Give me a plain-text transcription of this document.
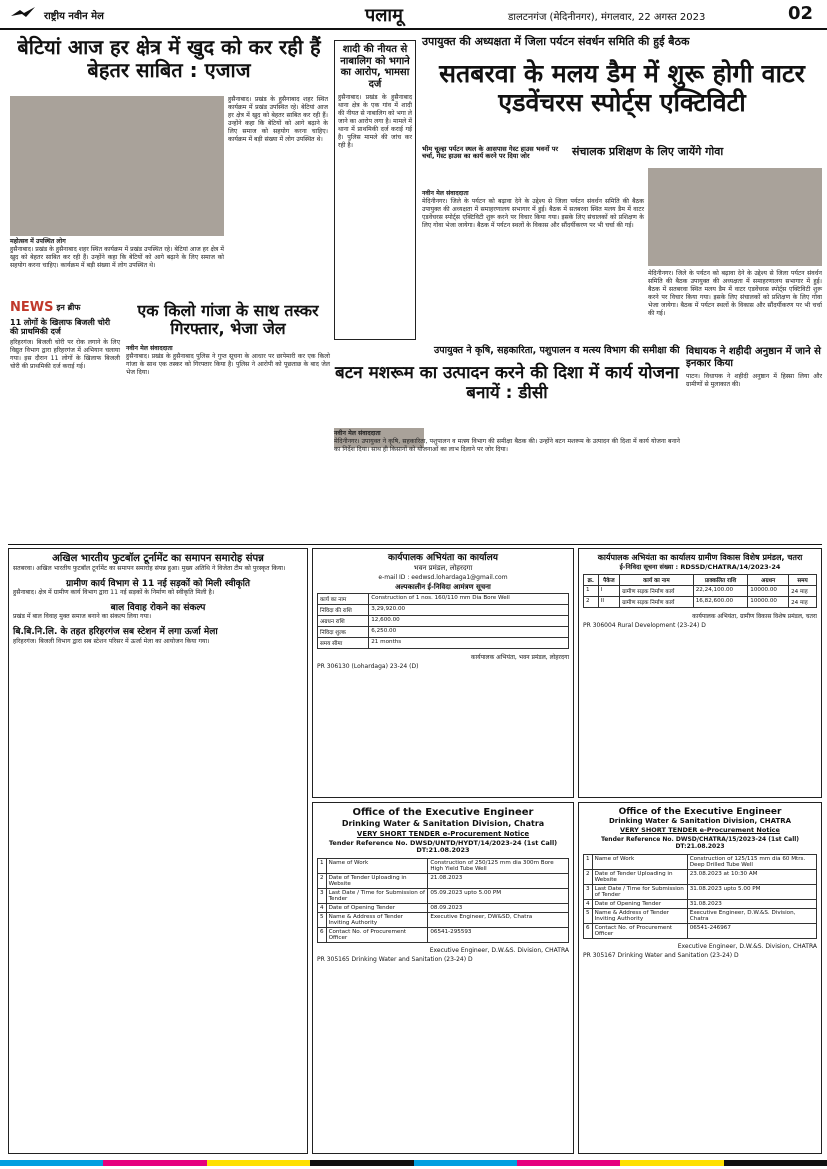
राष्ट्रीय नवीन मेल	पलामू	डालटनगंज (मेदिनीनगर), मंगलवार, 22 अगस्त 2023	02

बेटियां आज हर क्षेत्र में खुद को कर रही हैं बेहतर साबित : एजाज

हुसैनाबाद। प्रखंड के हुसैनाबाद शहर स्थित कार्यक्रम में प्रखंड उपस्थित रहे। बेटियां आज हर क्षेत्र में खुद को बेहतर साबित कर रही हैं। उन्होंने कहा कि बेटियों को आगे बढ़ाने के लिए समाज को सहयोग करना चाहिए। कार्यक्रम में बड़ी संख्या में लोग उपस्थित थे।
महोत्सव में उपस्थित लोग
हुसैनाबाद। प्रखंड के हुसैनाबाद शहर स्थित कार्यक्रम में प्रखंड उपस्थित रहे। बेटियां आज हर क्षेत्र में खुद को बेहतर साबित कर रही हैं। उन्होंने कहा कि बेटियों को आगे बढ़ाने के लिए समाज को सहयोग करना चाहिए। कार्यक्रम में बड़ी संख्या में लोग उपस्थित थे।

शादी की नीयत से नाबालिग को भगाने का आरोप, भामसा दर्ज

हुसैनाबाद। प्रखंड के हुसैनाबाद थाना क्षेत्र के एक गांव में शादी की नीयत से नाबालिग को भगा ले जाने का आरोप लगा है। मामले में थाना में प्राथमिकी दर्ज कराई गई है। पुलिस मामले की जांच कर रही है।
NEWS इन ब्रीफ

11 लोगों के खिलाफ बिजली चोरी की प्राथमिकी दर्ज

हरिहरगंज। बिजली चोरी पर रोक लगाने के लिए विद्युत विभाग द्वारा हरिहरगंज में अभियान चलाया गया। इस दौरान 11 लोगों के खिलाफ बिजली चोरी की प्राथमिकी दर्ज कराई गई।

एक किलो गांजा के साथ तस्कर गिरफ्तार, भेजा जेल

नवीन मेल संवाददाता
हुसैनाबाद। प्रखंड के हुसैनाबाद पुलिस ने गुप्त सूचना के आधार पर छापेमारी कर एक किलो गांजा के साथ एक तस्कर को गिरफ्तार किया है। पुलिस ने आरोपी को पूछताछ के बाद जेल भेज दिया।

उपायुक्त की अध्यक्षता में जिला पर्यटन संवर्धन समिति की हुई बैठक

सतबरवा के मलय डैम में शुरू होगी वाटर एडवेंचरस स्पोर्ट्स एक्टिविटी

संचालक प्रशिक्षण के लिए जायेंगे गोवा

भीम चूल्हा पर्यटन स्थल के आसपास गेस्ट हाउस भवनों पर चर्चा, गेस्ट हाउस का कार्य करने पर दिया जोर

नवीन मेल संवाददाता
मेदिनीनगर। जिले के पर्यटन को बढ़ावा देने के उद्देश्य से जिला पर्यटन संवर्धन समिति की बैठक उपायुक्त की अध्यक्षता में समाहरणालय सभागार में हुई। बैठक में सतबरवा स्थित मलय डैम में वाटर एडवेंचरस स्पोर्ट्स एक्टिविटी शुरू करने पर विचार किया गया। इसके लिए संचालकों को प्रशिक्षण के लिए गोवा भेजा जायेगा। बैठक में पर्यटन स्थलों के विकास और सौंदर्यीकरण पर भी चर्चा की गई।
मेदिनीनगर। जिले के पर्यटन को बढ़ावा देने के उद्देश्य से जिला पर्यटन संवर्धन समिति की बैठक उपायुक्त की अध्यक्षता में समाहरणालय सभागार में हुई। बैठक में सतबरवा स्थित मलय डैम में वाटर एडवेंचरस स्पोर्ट्स एक्टिविटी शुरू करने पर विचार किया गया। इसके लिए संचालकों को प्रशिक्षण के लिए गोवा भेजा जायेगा। बैठक में पर्यटन स्थलों के विकास और सौंदर्यीकरण पर भी चर्चा की गई।

उपायुक्त ने कृषि, सहकारिता, पशुपालन व मत्स्य विभाग की समीक्षा की

बटन मशरूम का उत्पादन करने की दिशा में कार्य योजना बनायें : डीसी

नवीन मेल संवाददाता
मेदिनीनगर। उपायुक्त ने कृषि, सहकारिता, पशुपालन व मत्स्य विभाग की समीक्षा बैठक की। उन्होंने बटन मशरूम के उत्पादन की दिशा में कार्य योजना बनाने का निर्देश दिया। साथ ही किसानों को योजनाओं का लाभ दिलाने पर जोर दिया।

विधायक ने शहीदी अनुष्ठान में जाने से इनकार किया

पाटन। विधायक ने शहीदी अनुष्ठान में हिस्सा लिया और ग्रामीणों से मुलाकात की।

अखिल भारतीय फुटबॉल टूर्नामेंट का समापन समारोह संपन्न

सतबरवा। अखिल भारतीय फुटबॉल टूर्नामेंट का समापन समारोह संपन्न हुआ। मुख्य अतिथि ने विजेता टीम को पुरस्कृत किया।

ग्रामीण कार्य विभाग से 11 नई सड़कों को मिली स्वीकृति

हुसैनाबाद। क्षेत्र में ग्रामीण कार्य विभाग द्वारा 11 नई सड़कों के निर्माण को स्वीकृति मिली है।

बाल विवाह रोकने का संकल्प

प्रखंड में बाल विवाह मुक्त समाज बनाने का संकल्प लिया गया।

बि.बि.नि.लि. के तहत हरिहरगंज सब स्टेशन में लगा ऊर्जा मेला

हरिहरगंज। बिजली विभाग द्वारा सब स्टेशन परिसर में ऊर्जा मेला का आयोजन किया गया।

कार्यपालक अभियंता का कार्यालय

भवन प्रमंडल, लोहरदगा

e-mail ID : eedwsd.lohardaga1@gmail.com

अल्पकालीन ई-निविदा आमंत्रण सूचना

कार्य का नाम	Construction of 1 nos. 160/110 mm Dia Bore Well
निविदा की राशि	3,29,920.00
अग्रधन राशि	12,600.00
निविदा शुल्क	6,250.00
समय सीमा	21 months

कार्यपालक अभियंता, भवन प्रमंडल, लोहरदगा

PR 306130 (Lohardaga) 23-24 (D)

कार्यपालक अभियंता का कार्यालय ग्रामीण विकास विशेष प्रमंडल, चतरा

ई-निविदा सूचना संख्या : RDSSD/CHATRA/14/2023-24

क्र.	पैकेज	कार्य का नाम	प्राक्कलित राशि	अग्रधन	समय
1	I	ग्रामीण सड़क निर्माण कार्य	22,24,100.00	10000.00	24 माह
2	II	ग्रामीण सड़क निर्माण कार्य	16,82,600.00	10000.00	24 माह

कार्यपालक अभियंता, ग्रामीण विकास विशेष प्रमंडल, चतरा

PR 306004 Rural Development (23-24) D

Office of the Executive Engineer

Drinking Water & Sanitation Division, Chatra

VERY SHORT TENDER e-Procurement Notice

Tender Reference No. DWSD/UNTD/HYDT/14/2023-24 (1st Call)

DT:21.08.2023

1	Name of Work	Construction of 250/125 mm dia 300m Bore High Yield Tube Well
2	Date of Tender Uploading in Website	21.08.2023
3	Last Date / Time for Submission of Tender	05.09.2023 upto 5.00 PM
4	Date of Opening Tender	08.09.2023
5	Name & Address of Tender Inviting Authority	Executive Engineer, DW&SD, Chatra
6	Contact No. of Procurement Officer	06541-295593

Executive Engineer, D.W.&S. Division, CHATRA

PR 305165 Drinking Water and Sanitation (23-24) D

Office of the Executive Engineer

Drinking Water & Sanitation Division, CHATRA

VERY SHORT TENDER e-Procurement Notice

Tender Reference No. DWSD/CHATRA/15/2023-24 (1st Call)

DT:21.08.2023

1	Name of Work	Construction of 125/115 mm dia 60 Mtrs. Deep Drilled Tube Well
2	Date of Tender Uploading in Website	23.08.2023 at 10:30 AM
3	Last Date / Time for Submission of Tender	31.08.2023 upto 5.00 PM
4	Date of Opening Tender	31.08.2023
5	Name & Address of Tender Inviting Authority	Executive Engineer, D.W.&S. Division, Chatra
6	Contact No. of Procurement Officer	06541-246967

Executive Engineer, D.W.&S. Division, CHATRA

PR 305167 Drinking Water and Sanitation (23-24) D
